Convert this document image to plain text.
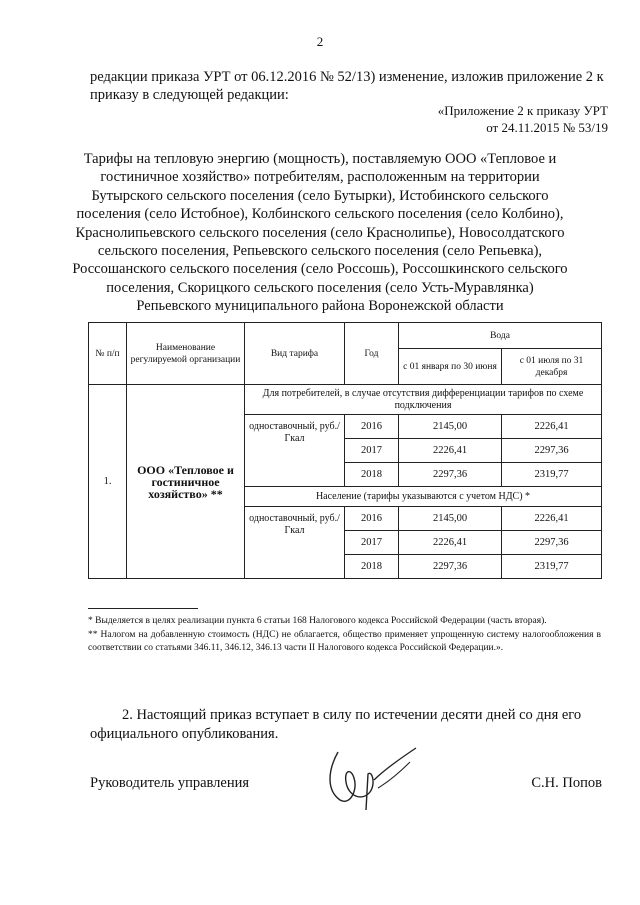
2
редакции приказа УРТ от 06.12.2016 № 52/13) изменение, изложив приложение 2 к приказу в следующей редакции:
«Приложение 2 к приказу УРТ
от 24.11.2015 № 53/19
Тарифы на тепловую энергию (мощность), поставляемую ООО «Тепловое и
гостиничное хозяйство» потребителям, расположенным на территории
Бутырского сельского поселения (село Бутырки), Истобинского сельского
поселения (село Истобное), Колбинского сельского поселения (село Колбино),
Краснолипьевского сельского поселения (село Краснолипье), Новосолдатского
сельского поселения, Репьевского сельского поселения (село Репьевка),
Россошанского сельского поселения (село Россошь), Россошкинского сельского
поселения, Скорицкого сельского поселения (село Усть-Муравлянка)
Репьевского муниципального района Воронежской области
№ п/п	Наименование регулируемой организации	Вид тарифа	Год	Вода	
				с 01 января по 30 июня	с 01 июля по 31 декабря
1.	ООО «Тепловое и гостиничное хозяйство» **	Для потребителей, в случае отсутствия дифференциации тарифов по схеме подключения			
		одноставочный, руб./Гкал	2016	2145,00	2226,41
			2017	2226,41	2297,36
			2018	2297,36	2319,77
		Население (тарифы указываются с учетом НДС) *			
		одноставочный, руб./Гкал	2016	2145,00	2226,41
			2017	2226,41	2297,36
			2018	2297,36	2319,77

* Выделяется в целях реализации пункта 6 статьи 168 Налогового кодекса Российской Федерации (часть вторая).

** Налогом на добавленную стоимость (НДС) не облагается, общество применяет упрощенную систему налогообложения в соответствии со статьями 346.11, 346.12, 346.13 части II Налогового кодекса Российской Федерации.».

2. Настоящий приказ вступает в силу по истечении десяти дней со дня его официального опубликования.
Руководитель управления	С.Н. Попов
